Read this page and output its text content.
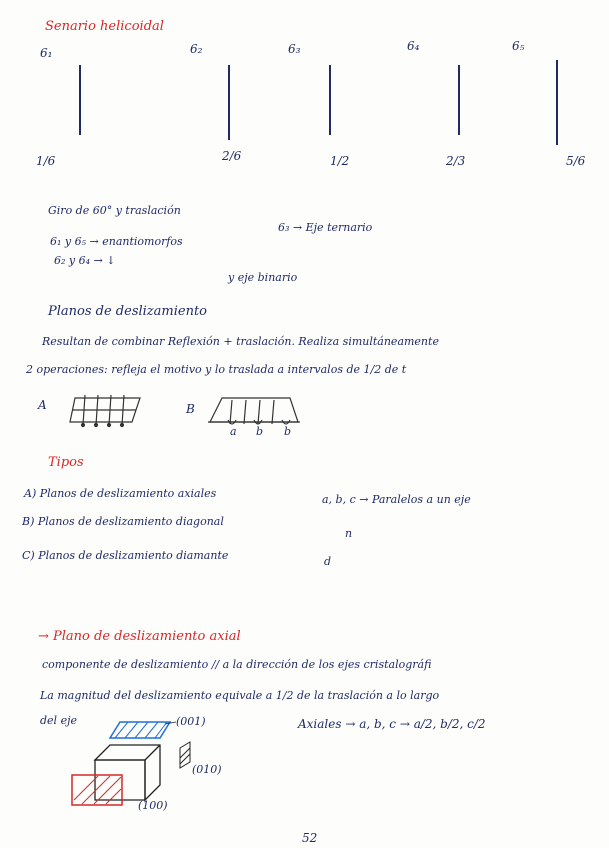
Senario helicoidal
6₁	6₂	6₃	6₄	6₅
1/6	2/6	1/2	2/3	5/6
Giro de 60° y traslación
6₃ → Eje ternario
6₁ y 6₅ → enantiomorfos
6₂ y 6₄ → ↓
y eje binario
Planos de deslizamiento
Resultan de combinar Reflexión + traslación. Realiza simultáneamente
2 operaciones: refleja el motivo y lo traslada a intervalos de 1/2 de t
A	B
a b b
Tipos
A) Planos de deslizamiento axiales	a, b, c → Paralelos a un eje
B) Planos de deslizamiento diagonal
n
C) Planos de deslizamiento diamante	d
→ Plano de deslizamiento axial
componente de deslizamiento // a la dirección de los ejes cristalográfi
La magnitud del deslizamiento equivale a 1/2 de la traslación a lo largo
del eje	Axiales → a, b, c → a/2, b/2, c/2
(001)
(010)
(100)
52
